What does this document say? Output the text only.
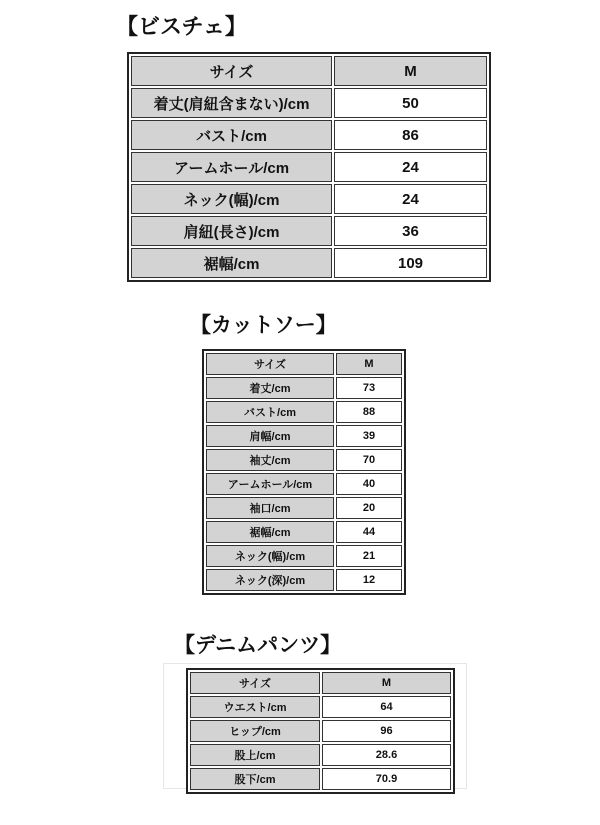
【ビスチェ】
サイズ	M
着丈(肩紐含まない)/cm	50
バスト/cm	86
アームホール/cm	24
ネック(幅)/cm	24
肩紐(長さ)/cm	36
裾幅/cm	109
【カットソー】
サイズ	M
着丈/cm	73
バスト/cm	88
肩幅/cm	39
袖丈/cm	70
アームホール/cm	40
袖口/cm	20
裾幅/cm	44
ネック(幅)/cm	21
ネック(深)/cm	12
【デニムパンツ】
サイズ	M
ウエスト/cm	64
ヒップ/cm	96
股上/cm	28.6
股下/cm	70.9
